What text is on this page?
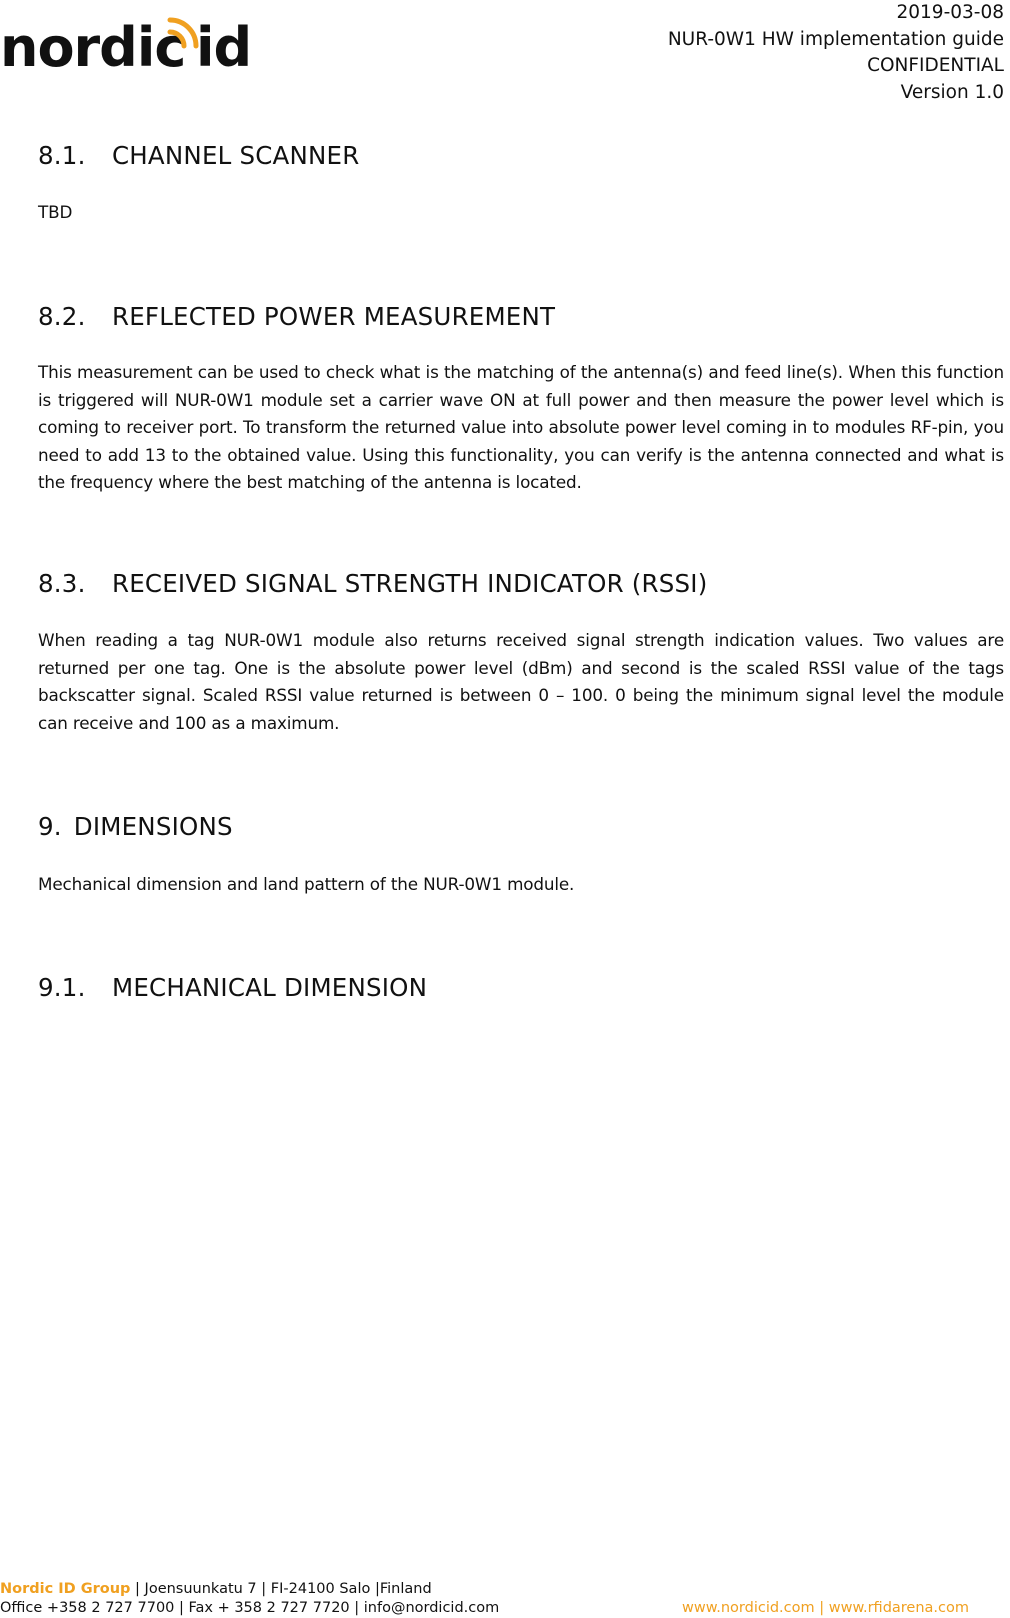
nordic id
2019-03-08
NUR-0W1 HW implementation guide
CONFIDENTIAL
Version 1.0
8.1. CHANNEL SCANNER
TBD
8.2. REFLECTED POWER MEASUREMENT
This measurement can be used to check what is the matching of the antenna(s) and feed line(s). When this function is triggered will NUR-0W1 module set a carrier wave ON at full power and then measure the power level which is coming to receiver port. To transform the returned value into absolute power level coming in to modules RF-pin, you need to add 13 to the obtained value. Using this functionality, you can verify is the antenna connected and what is the frequency where the best matching of the antenna is located.
8.3. RECEIVED SIGNAL STRENGTH INDICATOR (RSSI)
When reading a tag NUR-0W1 module also returns received signal strength indication values. Two values are returned per one tag. One is the absolute power level (dBm) and second is the scaled RSSI value of the tags backscatter signal. Scaled RSSI value returned is between 0 – 100. 0 being the minimum signal level the module can receive and 100 as a maximum.
9. DIMENSIONS
Mechanical dimension and land pattern of the NUR-0W1 module.
9.1. MECHANICAL DIMENSION
Nordic ID Group | Joensuunkatu 7 | FI-24100 Salo |Finland
Office +358 2 727 7700 | Fax + 358 2 727 7720 | info@nordicid.com	www.nordicid.com | www.rfidarena.com
